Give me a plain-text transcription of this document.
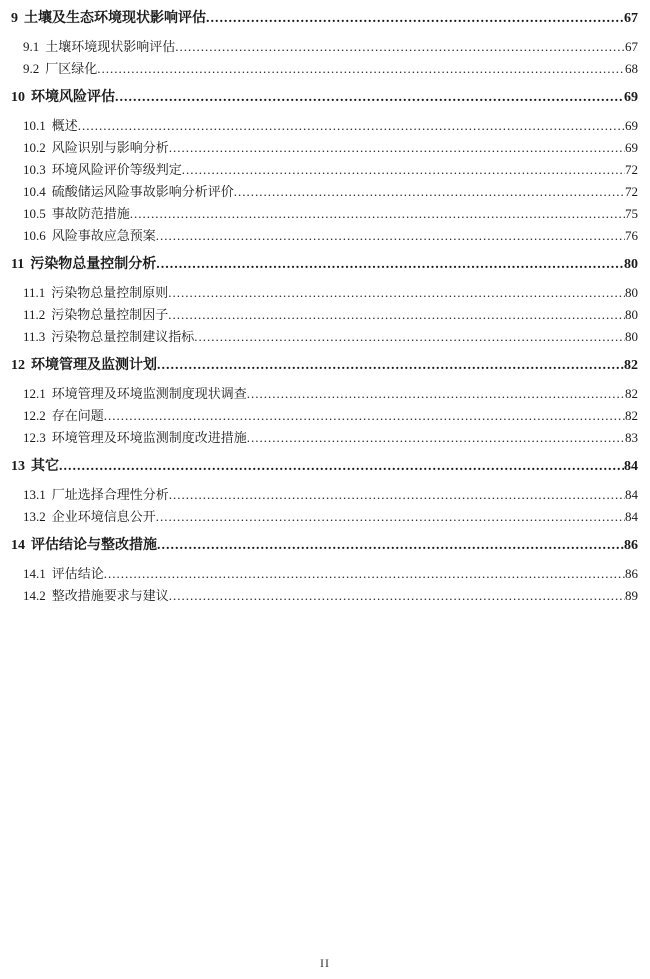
9 土壤及生态环境现状影响评估 .....	67
9.1 土壤环境现状影响评估 .....	67
9.2 厂区绿化 .....	68
10 环境风险评估 .....	69
10.1 概述 .....	69
10.2 风险识别与影响分析 .....	69
10.3 环境风险评价等级判定 .....	72
10.4 硫酸储运风险事故影响分析评价 .....	72
10.5 事故防范措施 .....	75
10.6 风险事故应急预案 .....	76
11 污染物总量控制分析 .....	80
11.1 污染物总量控制原则 .....	80
11.2 污染物总量控制因子 .....	80
11.3 污染物总量控制建议指标 .....	80
12 环境管理及监测计划 .....	82
12.1 环境管理及环境监测制度现状调查 .....	82
12.2 存在问题 .....	82
12.3 环境管理及环境监测制度改进措施 .....	83
13 其它 .....	84
13.1 厂址选择合理性分析 .....	84
13.2 企业环境信息公开 .....	84
14 评估结论与整改措施 .....	86
14.1 评估结论 .....	86
14.2 整改措施要求与建议 .....	89
II
